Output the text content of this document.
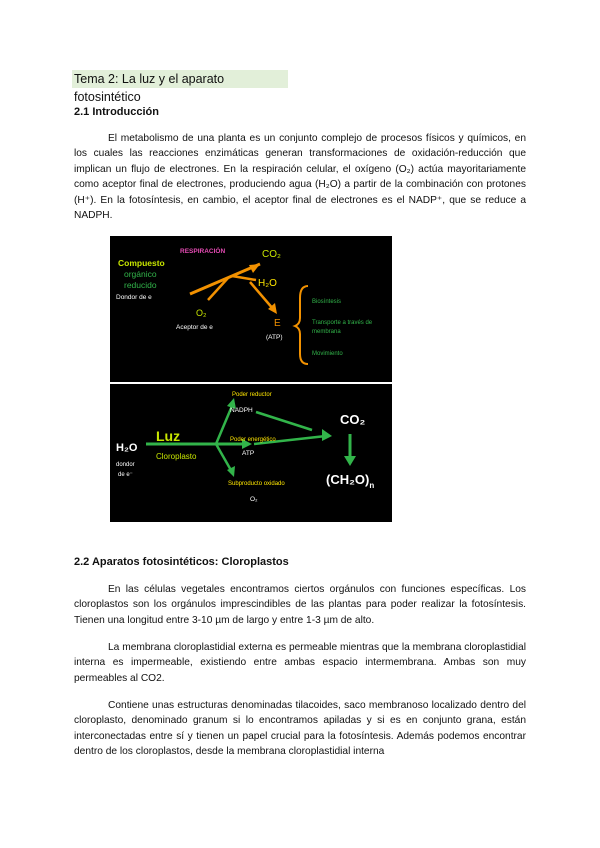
Tema 2: La luz y el aparato fotosintético
2.1 Introducción

El metabolismo de una planta es un conjunto complejo de procesos físicos y químicos, en los cuales las reacciones enzimáticas generan transformaciones de oxidación-reducción que implican un flujo de electrones. En la respiración celular, el oxígeno (O₂) actúa mayoritariamente como aceptor final de electrones, produciendo agua (H₂O) a partir de la combinación con protones (H⁺). En la fotosíntesis, en cambio, el aceptor final de electrones es el NADP⁺, que se reduce a NADPH.

RESPIRACIÓN	CO₂
Compuesto
orgánico
reducido
Dondor de e
H₂O
O₂
Aceptor de e	E
(ATP)
Biosíntesis
Transporte a través de
membrana
Movimiento
H₂O
dondor
de e⁻
Luz
Cloroplasto
Poder reductor
NADPH
Poder energético
ATP
Subproducto oxidado
O₂
CO₂
$(CH_2O)_n$
2.2 Aparatos fotosintéticos: Cloroplastos

En las células vegetales encontramos ciertos orgánulos con funciones específicas. Los cloroplastos son los orgánulos imprescindibles de las plantas para poder realizar la fotosíntesis. Tienen una longitud entre 3-10 µm de largo y entre 1-3 µm de alto.

La membrana cloroplastidial externa es permeable mientras que la membrana cloroplastidial interna es impermeable, existiendo entre ambas espacio intermembrana. Ambas son muy permeables al CO2.

Contiene unas estructuras denominadas tilacoides, saco membranoso localizado dentro del cloroplasto, denominado granum si lo encontramos apiladas y si es en conjunto grana, están interconectadas entre sí y tienen un papel crucial para la fotosíntesis. Además podemos encontrar dentro de los cloroplastos, desde la membrana cloroplastidial interna
